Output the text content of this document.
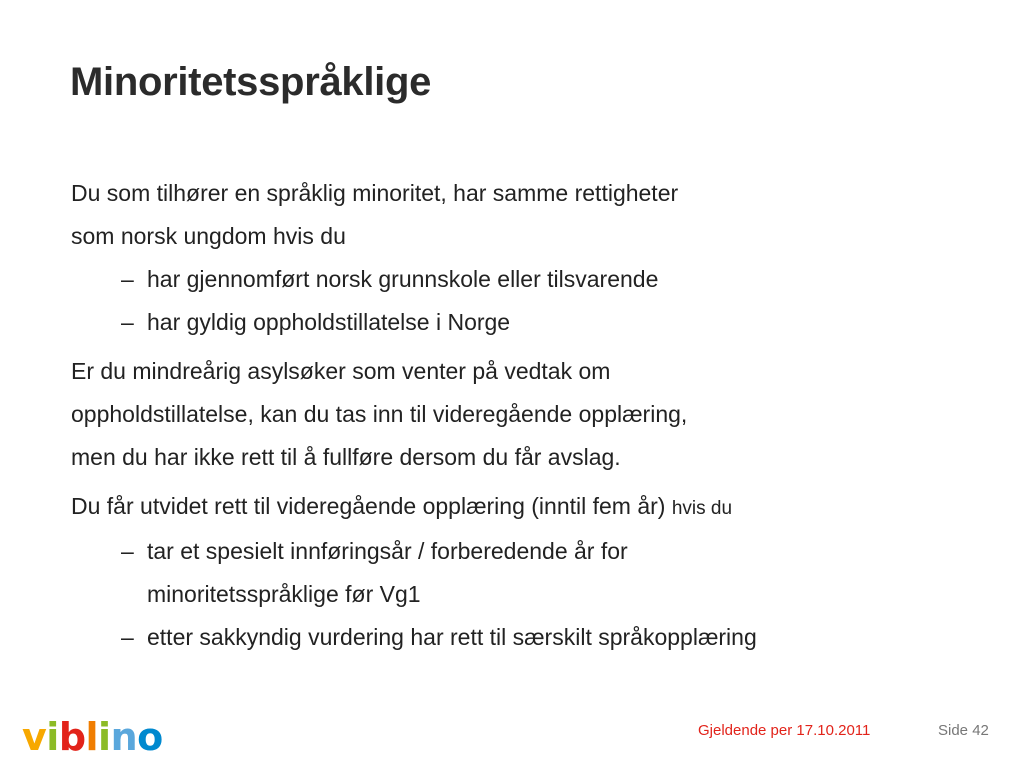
Minoritetsspråklige
Du som tilhører en språklig minoritet, har samme rettigheter
som norsk ungdom hvis du
– har gjennomført norsk grunnskole eller tilsvarende
– har gyldig oppholdstillatelse i Norge
Er du mindreårig asylsøker som venter på vedtak om
oppholdstillatelse, kan du tas inn til videregående opplæring,
men du har ikke rett til å fullføre dersom du får avslag.
Du får utvidet rett til videregående opplæring (inntil fem år) hvis du
– tar et spesielt innføringsår / forberedende år for
minoritetsspråklige før Vg1
– etter sakkyndig vurdering har rett til særskilt språkopplæring
v i b l i n o	Gjeldende per 17.10.2011	Side 42
